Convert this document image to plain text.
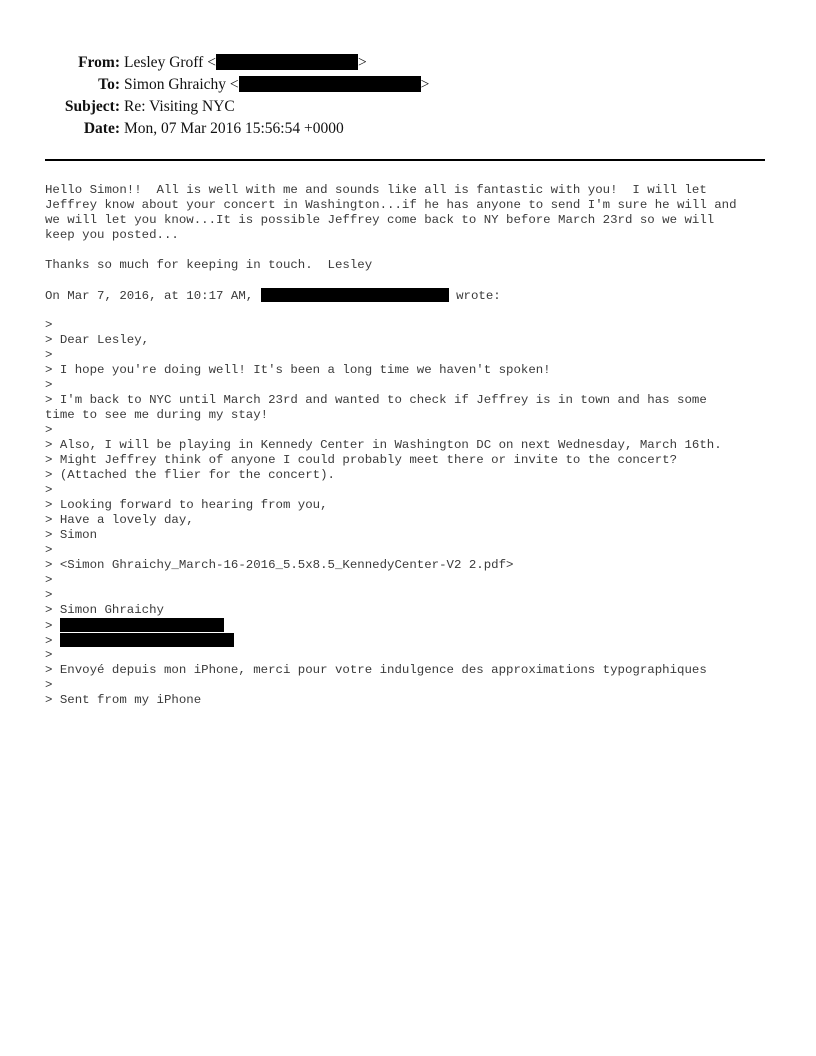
From: Lesley Groff <	>
To: Simon Ghraichy <	>
Subject: Re: Visiting NYC
Date: Mon, 07 Mar 2016 15:56:54 +0000
Hello Simon!!  All is well with me and sounds like all is fantastic with you!  I will let
Jeffrey know about your concert in Washington...if he has anyone to send I'm sure he will and
we will let you know...It is possible Jeffrey come back to NY before March 23rd so we will
keep you posted...
Thanks so much for keeping in touch.  Lesley
On Mar 7, 2016, at 10:17 AM,	wrote:
>
> Dear Lesley,
>
> I hope you're doing well! It's been a long time we haven't spoken!
>
> I'm back to NYC until March 23rd and wanted to check if Jeffrey is in town and has some
time to see me during my stay!
>
> Also, I will be playing in Kennedy Center in Washington DC on next Wednesday, March 16th.
> Might Jeffrey think of anyone I could probably meet there or invite to the concert?
> (Attached the flier for the concert).
>
> Looking forward to hearing from you,
> Have a lovely day,
> Simon
>
> <Simon Ghraichy_March-16-2016_5.5x8.5_KennedyCenter-V2 2.pdf>
>
>
> Simon Ghraichy
>
>
>
> Envoyé depuis mon iPhone, merci pour votre indulgence des approximations typographiques
>
> Sent from my iPhone
